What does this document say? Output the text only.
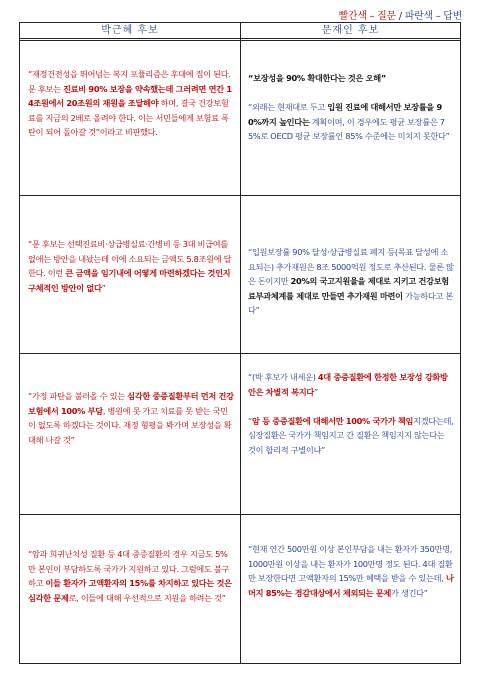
빨간색 – 질문 / 파란색 – 답변
박근혜 후보	문재인 후보
“재정건전성을 뛰어넘는 복지 포퓰리즘은 후대에 짐이 된다. 문 후보는 진료비 90% 보장을 약속했는데 그러려면 연간 14조원에서 20조원의 재원을 조달해야 하며, 결국 건강보험료를 지금의 2배로 올려야 한다. 이는 서민들에게 보험료 폭탄이 되어 돌아갈 것”이라고 비판했다.
“보장성을 90% 확대한다는 것은 오해”

“외래는 현재대로 두고 입원 진료에 대해서만 보장률을 90%까지 높인다는 계획이며, 이 경우에도 평균 보장률은 75%로 OECD 평균 보장률인 85% 수준에는 미치지 못한다”
“문 후보는 선택진료비·상급병실료·간병비 등 3대 비급여를 없애는 방안을 내놨는데 이에 소요되는 금액도 5.8조원에 달한다. 이런 큰 금액을 임기내에 어떻게 마련하겠다는 것인지 구체적인 방안이 없다”
“입원보장률 90% 달성·상급병실료 폐지 등(목표 달성에 소요되는) 추가재원은 8조 5000억원 정도로 추산된다. 물론 많은 돈이지만 20%의 국고지원율을 제대로 지키고 건강보험료부과체계를 제대로 만들면 추가재원 마련이 가능하다고 본다”
“가정 파탄을 불러올 수 있는 심각한 중증질환부터 먼저 건강보험에서 100% 부담, 병원에 못 가고 치료를 못 받는 국민이 없도록 하겠다는 것이다. 재정 형평을 봐가며 보장성을 확대해 나갈 것”
“(박 후보가 내세운) 4대 중증질환에 한정한 보장성 강화방안은 차별적 복지다”

“암 등 중증질환에 대해서만 100% 국가가 책임지겠다는데, 심장질환은 국가가 책임지고 간 질환은 책임지지 않는다는 것이 합리적 구별이냐”
“암과 희귀난치성 질환 등 4대 중증질환의 경우 지금도 5%만 본인이 부담하도록 국가가 지원하고 있다. 그럼에도 불구하고 이들 환자가 고액환자의 15%를 차지하고 있다는 것은 심각한 문제로, 이들에 대해 우선적으로 지원을 하려는 것”
“현재 연간 500만원 이상 본인부담을 내는 환자가 350만명, 1000만원 이상을 내는 환자가 100만명 정도 된다. 4대 질환만 보장한다면 고액환자의 15%만 혜택을 받을 수 있는데, 나머지 85%는 경감대상에서 제외되는 문제가 생긴다”
